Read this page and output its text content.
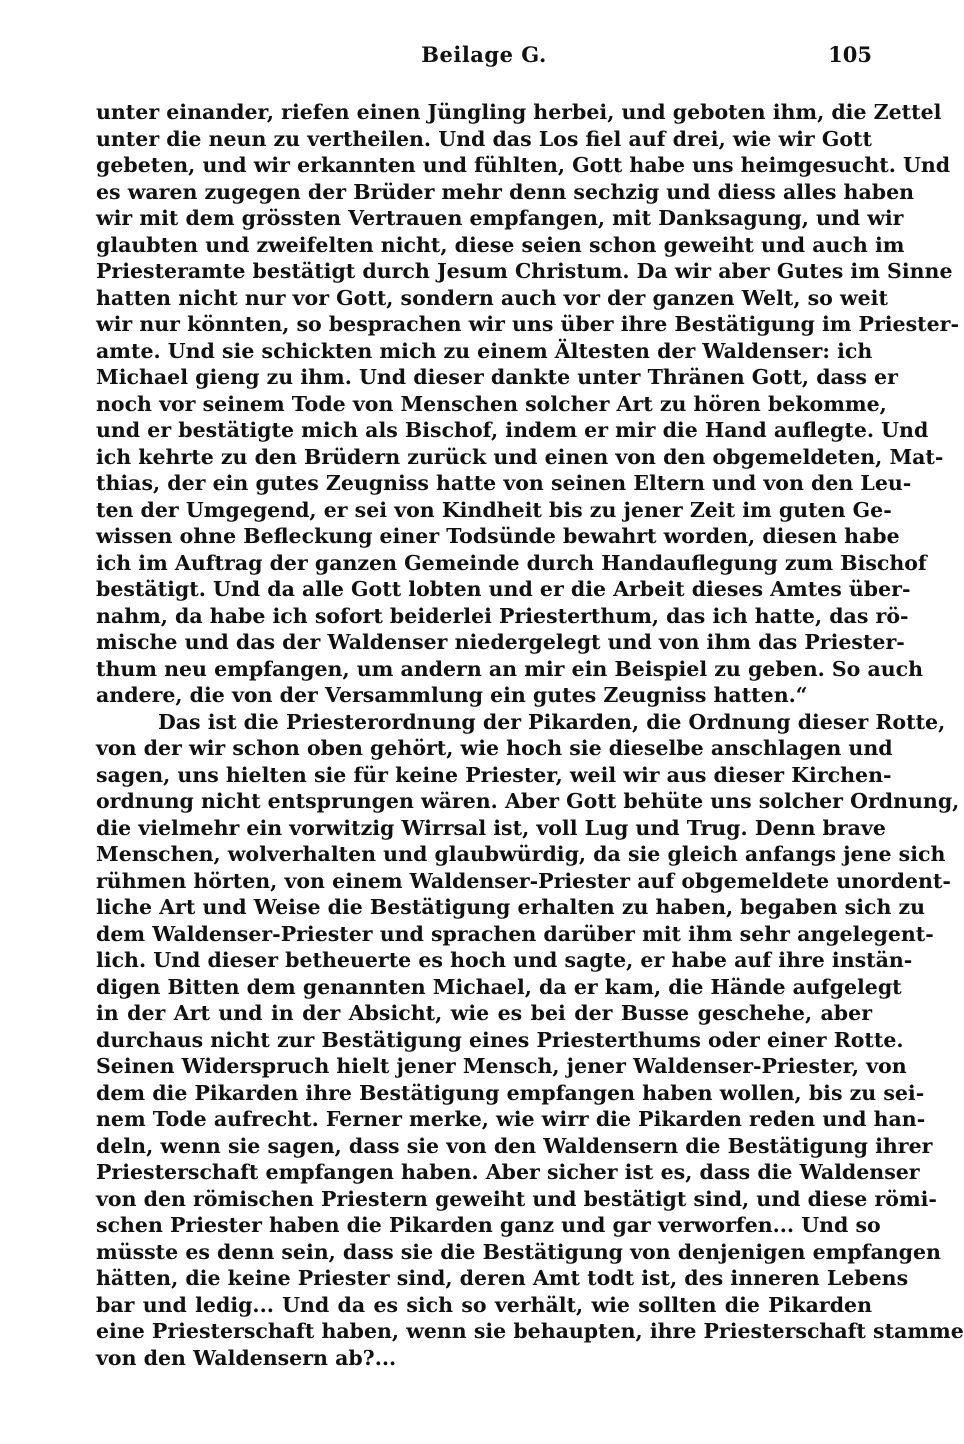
Beilage G.	105
unter einander, riefen einen Jüngling herbei, und geboten ihm, die Zettel
unter die neun zu vertheilen. Und das Los fiel auf drei, wie wir Gott
gebeten, und wir erkannten und fühlten, Gott habe uns heimgesucht. Und
es waren zugegen der Brüder mehr denn sechzig und diess alles haben
wir mit dem grössten Vertrauen empfangen, mit Danksagung, und wir
glaubten und zweifelten nicht, diese seien schon geweiht und auch im
Priesteramte bestätigt durch Jesum Christum. Da wir aber Gutes im Sinne
hatten nicht nur vor Gott, sondern auch vor der ganzen Welt, so weit
wir nur könnten, so besprachen wir uns über ihre Bestätigung im Priester-
amte. Und sie schickten mich zu einem Ältesten der Waldenser: ich
Michael gieng zu ihm. Und dieser dankte unter Thränen Gott, dass er
noch vor seinem Tode von Menschen solcher Art zu hören bekomme,
und er bestätigte mich als Bischof, indem er mir die Hand auflegte. Und
ich kehrte zu den Brüdern zurück und einen von den obgemeldeten, Mat-
thias, der ein gutes Zeugniss hatte von seinen Eltern und von den Leu-
ten der Umgegend, er sei von Kindheit bis zu jener Zeit im guten Ge-
wissen ohne Befleckung einer Todsünde bewahrt worden, diesen habe
ich im Auftrag der ganzen Gemeinde durch Handauflegung zum Bischof
bestätigt. Und da alle Gott lobten und er die Arbeit dieses Amtes über-
nahm, da habe ich sofort beiderlei Priesterthum, das ich hatte, das rö-
mische und das der Waldenser niedergelegt und von ihm das Priester-
thum neu empfangen, um andern an mir ein Beispiel zu geben. So auch
andere, die von der Versammlung ein gutes Zeugniss hatten.“
Das ist die Priesterordnung der Pikarden, die Ordnung dieser Rotte,
von der wir schon oben gehört, wie hoch sie dieselbe anschlagen und
sagen, uns hielten sie für keine Priester, weil wir aus dieser Kirchen-
ordnung nicht entsprungen wären. Aber Gott behüte uns solcher Ordnung,
die vielmehr ein vorwitzig Wirrsal ist, voll Lug und Trug. Denn brave
Menschen, wolverhalten und glaubwürdig, da sie gleich anfangs jene sich
rühmen hörten, von einem Waldenser-Priester auf obgemeldete unordent-
liche Art und Weise die Bestätigung erhalten zu haben, begaben sich zu
dem Waldenser-Priester und sprachen darüber mit ihm sehr angelegent-
lich. Und dieser betheuerte es hoch und sagte, er habe auf ihre instän-
digen Bitten dem genannten Michael, da er kam, die Hände aufgelegt
in der Art und in der Absicht, wie es bei der Busse geschehe, aber
durchaus nicht zur Bestätigung eines Priesterthums oder einer Rotte.
Seinen Widerspruch hielt jener Mensch, jener Waldenser-Priester, von
dem die Pikarden ihre Bestätigung empfangen haben wollen, bis zu sei-
nem Tode aufrecht. Ferner merke, wie wirr die Pikarden reden und han-
deln, wenn sie sagen, dass sie von den Waldensern die Bestätigung ihrer
Priesterschaft empfangen haben. Aber sicher ist es, dass die Waldenser
von den römischen Priestern geweiht und bestätigt sind, und diese römi-
schen Priester haben die Pikarden ganz und gar verworfen... Und so
müsste es denn sein, dass sie die Bestätigung von denjenigen empfangen
hätten, die keine Priester sind, deren Amt todt ist, des inneren Lebens
bar und ledig... Und da es sich so verhält, wie sollten die Pikarden
eine Priesterschaft haben, wenn sie behaupten, ihre Priesterschaft stamme
von den Waldensern ab?...
